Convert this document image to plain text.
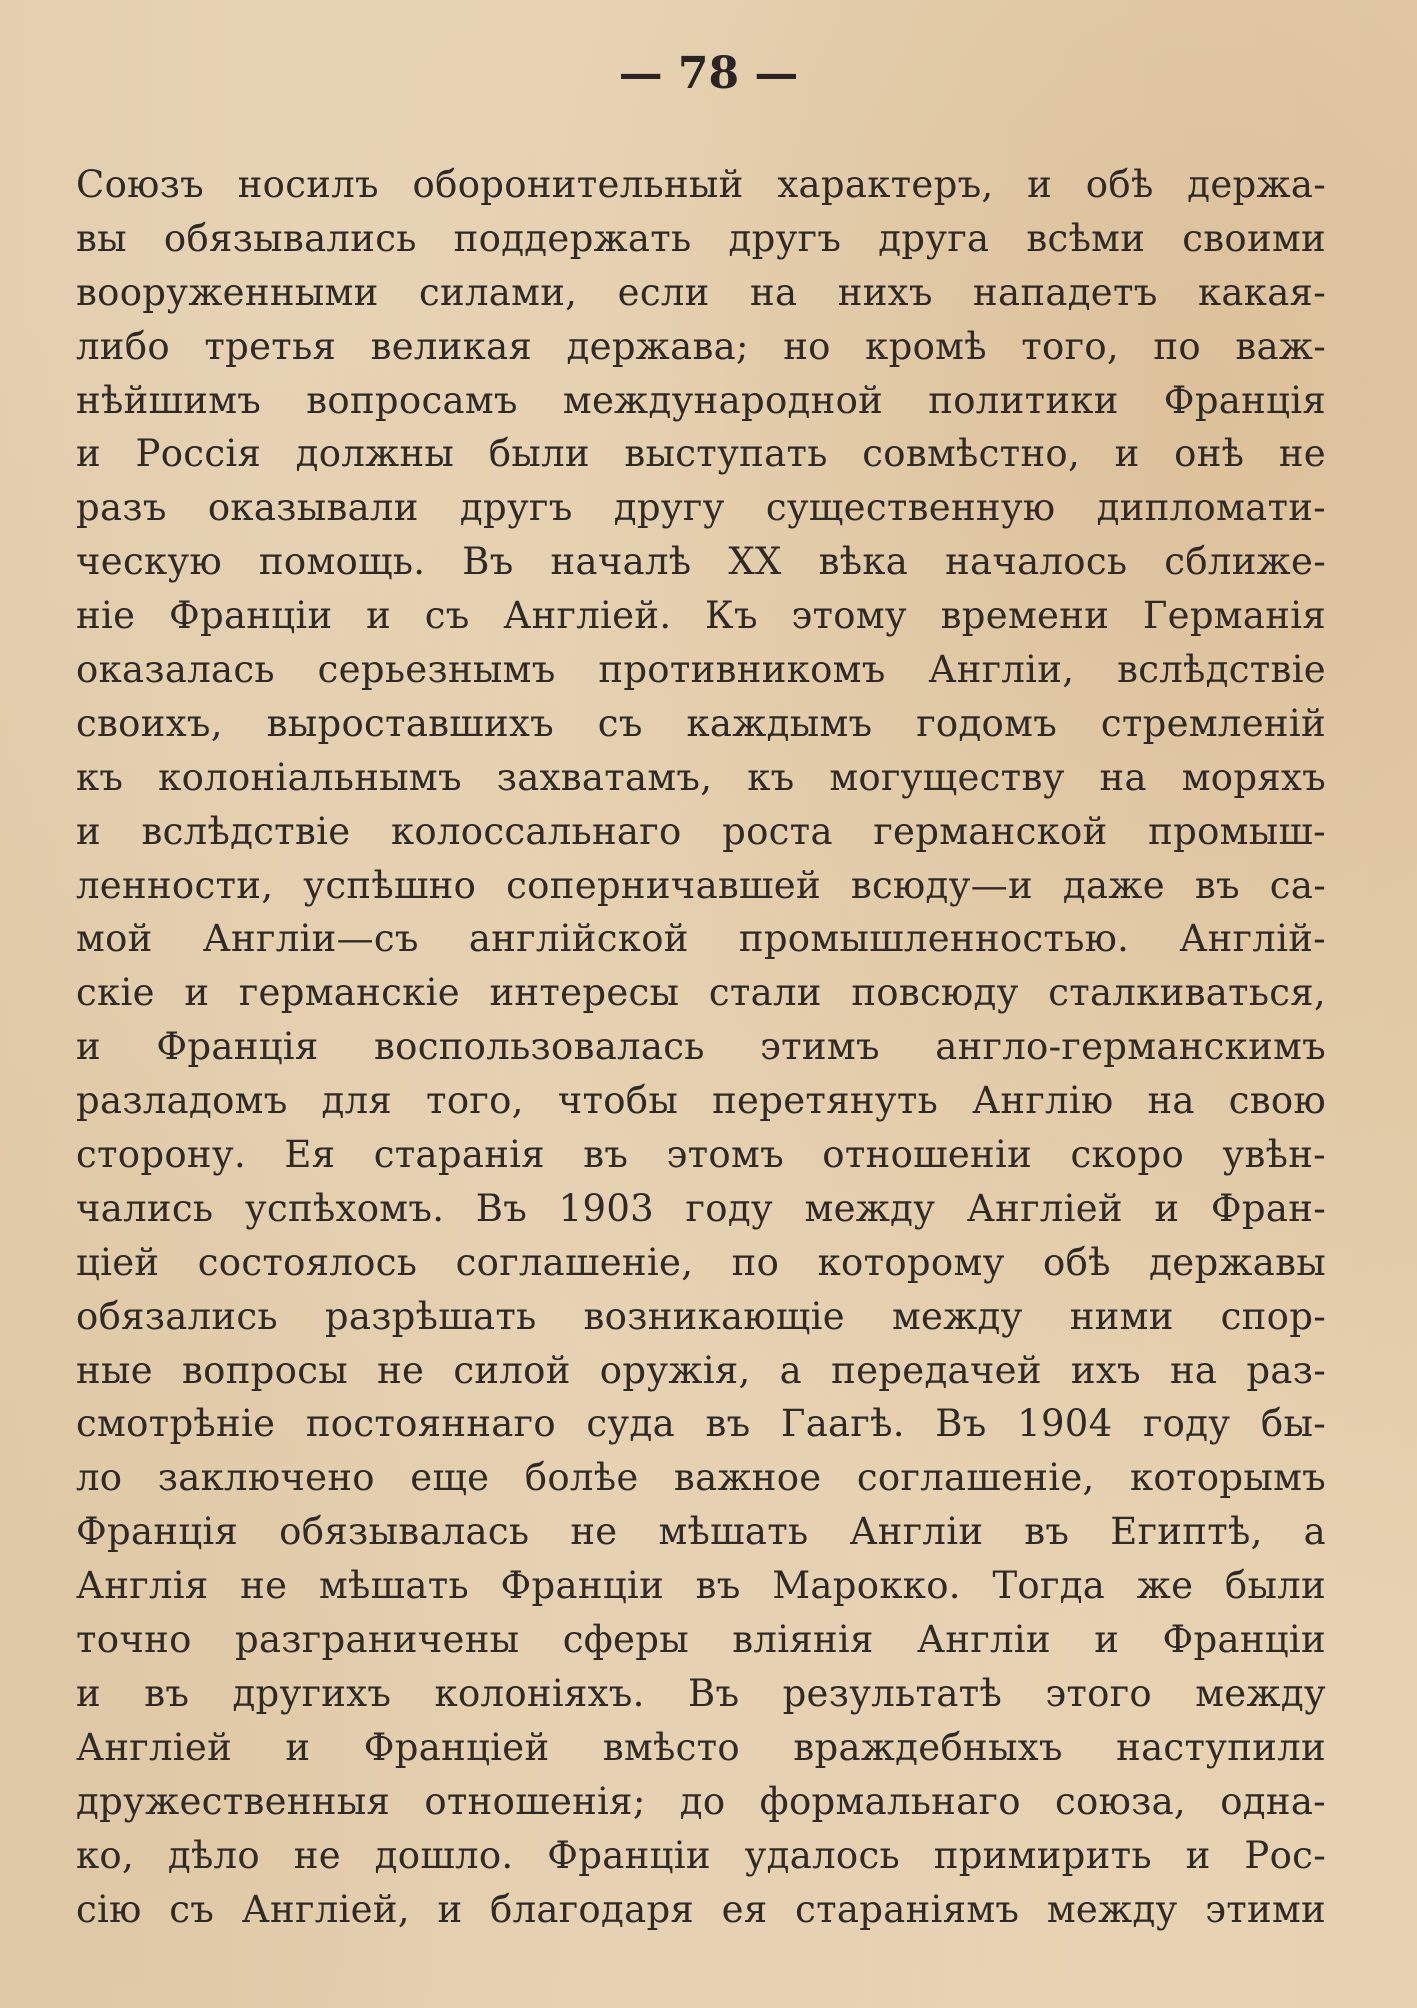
— 78 —
Союзъ носилъ оборонительный характеръ, и обѣ держа-
вы обязывались поддержать другъ друга всѣми своими
вооруженными силами, если на нихъ нападетъ какая-
либо третья великая держава; но кромѣ того, по важ-
нѣйшимъ вопросамъ международной политики Франція
и Россія должны были выступать совмѣстно, и онѣ не
разъ оказывали другъ другу существенную дипломати-
ческую помощь. Въ началѣ XX вѣка началось сближе-
ніе Франціи и съ Англіей. Къ этому времени Германія
оказалась серьезнымъ противникомъ Англіи, вслѣдствіе
своихъ, выроставшихъ съ каждымъ годомъ стремленій
къ колоніальнымъ захватамъ, къ могуществу на моряхъ
и вслѣдствіе колоссальнаго роста германской промыш-
ленности, успѣшно соперничавшей всюду—и даже въ са-
мой Англіи—съ англійской промышленностью. Англій-
скіе и германскіе интересы стали повсюду сталкиваться,
и Франція воспользовалась этимъ англо-германскимъ
разладомъ для того, чтобы перетянуть Англію на свою
сторону. Ея старанія въ этомъ отношеніи скоро увѣн-
чались успѣхомъ. Въ 1903 году между Англіей и Фран-
ціей состоялось соглашеніе, по которому обѣ державы
обязались разрѣшать возникающіе между ними спор-
ные вопросы не силой оружія, а передачей ихъ на раз-
смотрѣніе постояннаго суда въ Гаагѣ. Въ 1904 году бы-
ло заключено еще болѣе важное соглашеніе, которымъ
Франція обязывалась не мѣшать Англіи въ Египтѣ, а
Англія не мѣшать Франціи въ Марокко. Тогда же были
точно разграничены сферы вліянія Англіи и Франціи
и въ другихъ колоніяхъ. Въ результатѣ этого между
Англіей и Франціей вмѣсто враждебныхъ наступили
дружественныя отношенія; до формальнаго союза, одна-
ко, дѣло не дошло. Франціи удалось примирить и Рос-
сію съ Англіей, и благодаря ея стараніямъ между этими
